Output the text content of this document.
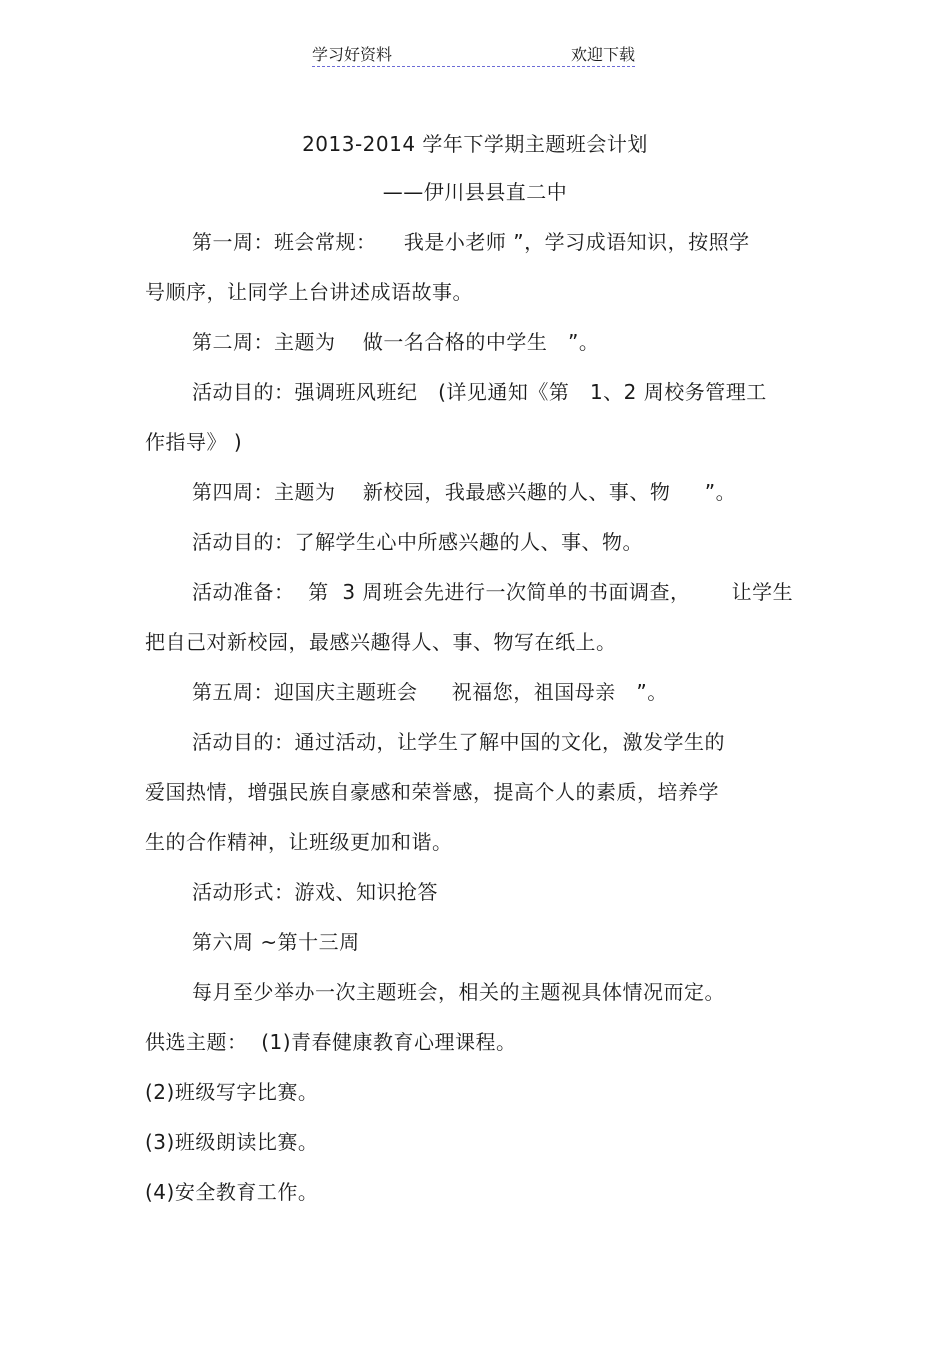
学习好资料	欢迎下载
2013-2014 学年下学期主题班会计划
——伊川县县直二中
第一周：班会常规：    我是小老师 ”，学习成语知识，按照学
号顺序，让同学上台讲述成语故事。
第二周：主题为    做一名合格的中学生   ”。
活动目的：强调班风班纪   (详见通知《第   1、2 周校务管理工
作指导》 )
第四周：主题为    新校园，我最感兴趣的人、事、物     ”。
活动目的：了解学生心中所感兴趣的人、事、物。
活动准备：  第  3 周班会先进行一次简单的书面调查，      让学生
把自己对新校园，最感兴趣得人、事、物写在纸上。
第五周：迎国庆主题班会     祝福您，祖国母亲   ”。
活动目的：通过活动，让学生了解中国的文化，激发学生的
爱国热情，增强民族自豪感和荣誉感，提高个人的素质，培养学
生的合作精神，让班级更加和谐。
活动形式：游戏、知识抢答
第六周 ~第十三周
每月至少举办一次主题班会，相关的主题视具体情况而定。
供选主题：  (1)青春健康教育心理课程。
(2)班级写字比赛。
(3)班级朗读比赛。
(4)安全教育工作。
